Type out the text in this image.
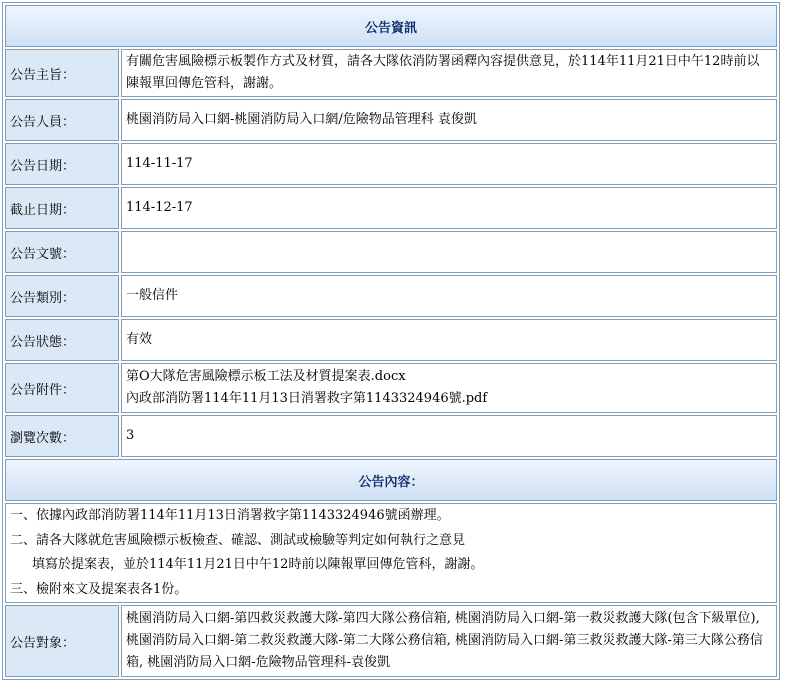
公告資訊	
公告主旨：	有關危害風險標示板製作方式及材質，請各大隊依消防署函釋內容提供意見，於114年11月21日中午12時前以陳報單回傳危管科，謝謝。
公告人員：	桃園消防局入口網-桃園消防局入口網/危險物品管理科 袁俊凱
公告日期：	114-11-17
截止日期：	114-12-17
公告文號：	
公告類別：	一般信件
公告狀態：	有效
公告附件：	第O大隊危害風險標示板工法及材質提案表.docx
內政部消防署114年11月13日消署救字第1143324946號.pdf

瀏覽次數：	3
公告內容：	

一、依據內政部消防署114年11月13日消署救字第1143324946號函辦理。
二、請各大隊就危害風險標示板檢查、確認、測試或檢驗等判定如何執行之意見
填寫於提案表，並於114年11月21日中午12時前以陳報單回傳危管科，謝謝。
三、檢附來文及提案表各1份。	

公告對象：	桃園消防局入口網-第四救災救護大隊-第四大隊公務信箱, 桃園消防局入口網-第一救災救護大隊(包含下級單位), 桃園消防局入口網-第二救災救護大隊-第二大隊公務信箱, 桃園消防局入口網-第三救災救護大隊-第三大隊公務信箱, 桃園消防局入口網-危險物品管理科-袁俊凱
